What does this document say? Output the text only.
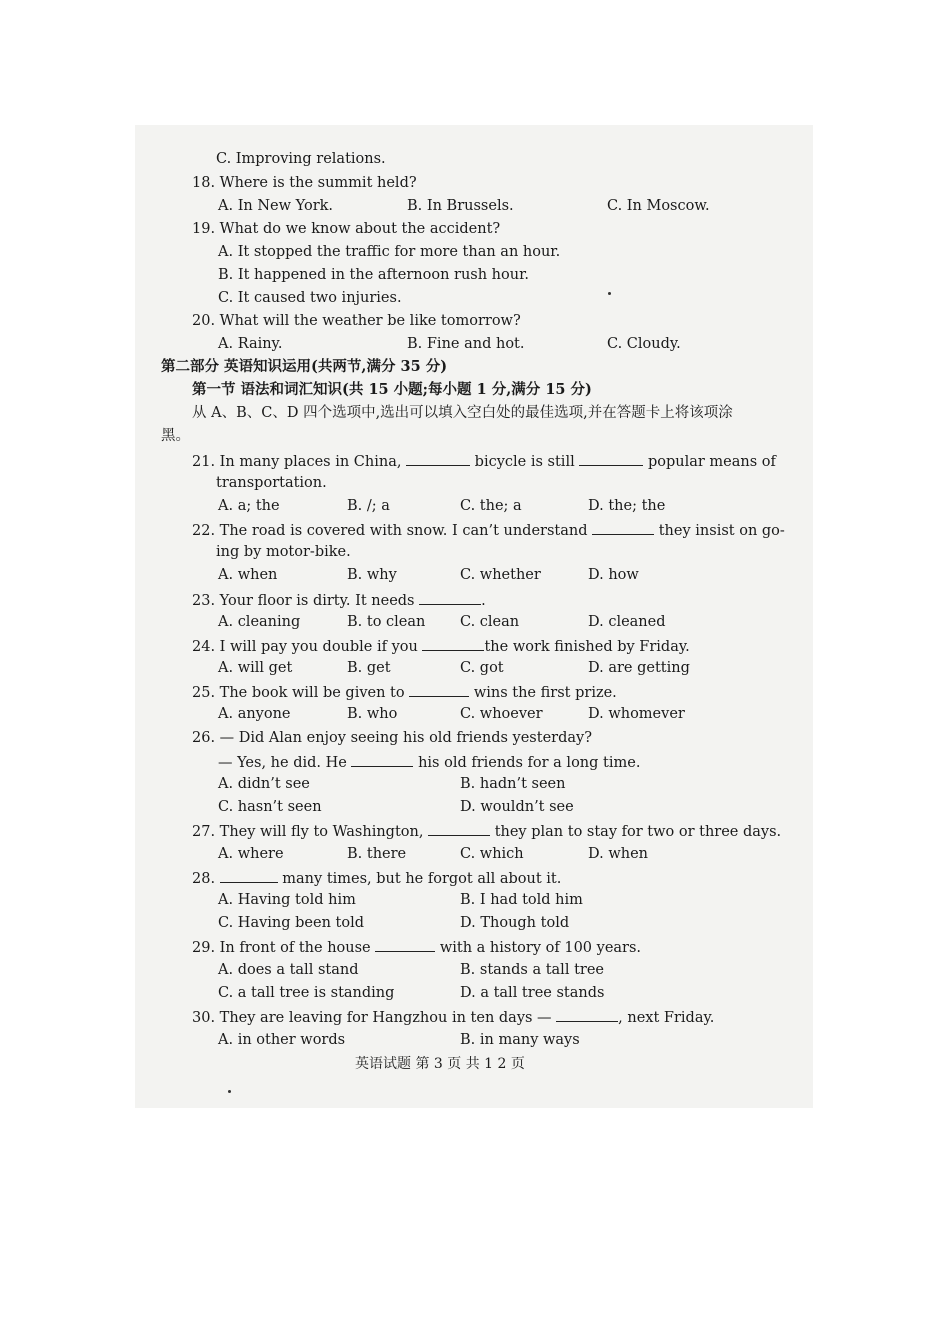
C. Improving relations.
18. Where is the summit held?
A. In New York.	B. In Brussels.	C. In Moscow.
19. What do we know about the accident?
A. It stopped the traffic for more than an hour.
B. It happened in the afternoon rush hour.
C. It caused two injuries.
20. What will the weather be like tomorrow?
A. Rainy.	B. Fine and hot.	C. Cloudy.
第二部分 英语知识运用(共两节,满分 35 分)
第一节 语法和词汇知识(共 15 小题;每小题 1 分,满分 15 分)
从 A、B、C、D 四个选项中,选出可以填入空白处的最佳选项,并在答题卡上将该项涂
黑。
21. In many places in China,	bicycle is still	popular means of
transportation.
A. a; the	B. /; a	C. the; a	D. the; the
22. The road is covered with snow. I can’t understand	they insist on go-
ing by motor-bike.
A. when	B. why	C. whether	D. how
23. Your floor is dirty. It needs	.
A. cleaning	B. to clean C. clean	D. cleaned
24. I will pay you double if you	the work finished by Friday.
A. will get	B. get	C. got	D. are getting
25. The book will be given to	wins the first prize.
A. anyone	B. who	C. whoever	D. whomever
26. — Did Alan enjoy seeing his old friends yesterday?
— Yes, he did. He	his old friends for a long time.
A. didn’t see	B. hadn’t seen
C. hasn’t seen	D. wouldn’t see
27. They will fly to Washington,	they plan to stay for two or three days.
A. where	B. there	C. which	D. when
28.	many times, but he forgot all about it.
A. Having told him	B. I had told him
C. Having been told	D. Though told
29. In front of the house	with a history of 100 years.
A. does a tall stand	B. stands a tall tree
C. a tall tree is standing	D. a tall tree stands
30. They are leaving for Hangzhou in ten days —	, next Friday.
A. in other words	B. in many ways
英语试题 第 3 页 共 1 2 页
